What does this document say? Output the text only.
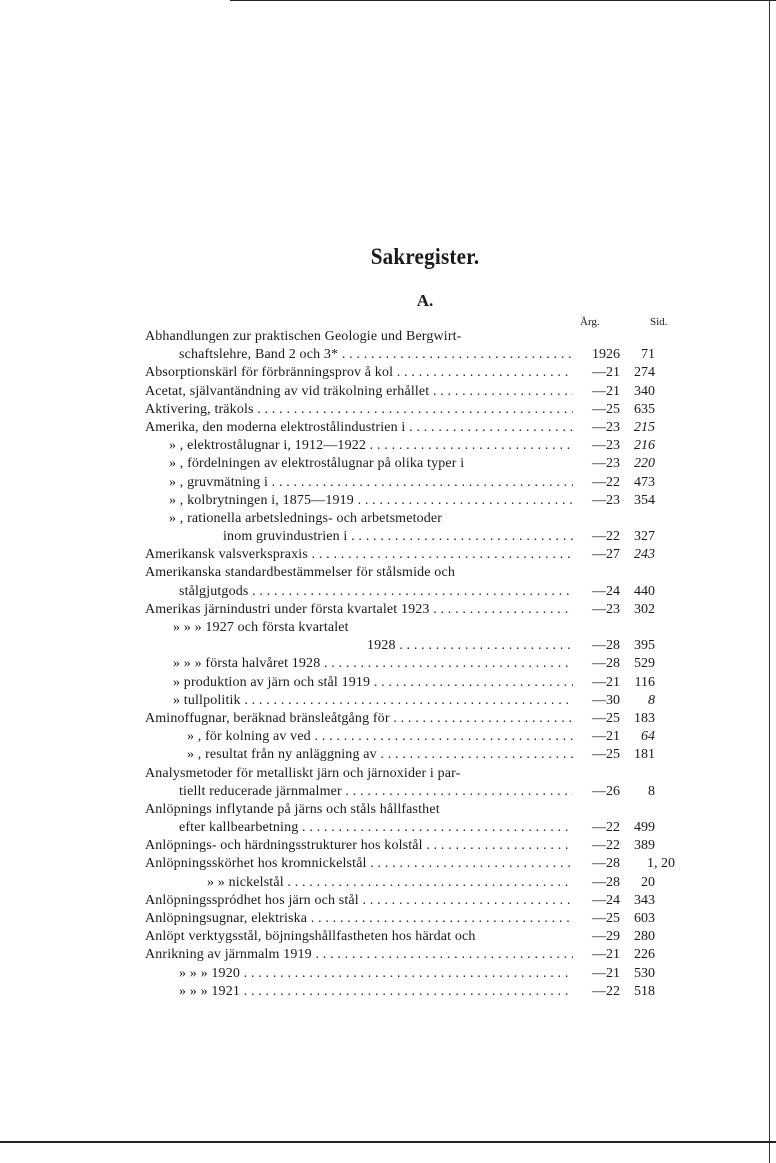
Sakregister.
A.
Årg.	Sid.
Abhandlungen zur praktischen Geologie und Bergwirt-
schaftslehre, Band 2 och 3* . . .	1926	71
Absorptionskärl för förbränningsprov å kol . . .	—21	274
Acetat, självantändning av vid träkolning erhållet . . .	—21	340
Aktivering, träkols . . .	—25	635
Amerika, den moderna elektrostålindustrien i . . .	—23	215
» , elektrostålugnar i, 1912—1922 . . .	—23	216
» , fördelningen av elektrostålugnar på olika typer i	—23	220
» , gruvmätning i . . .	—22	473
» , kolbrytningen i, 1875—1919 . . .	—23	354
» , rationella arbetslednings- och arbetsmetoder
inom gruvindustrien i . . .	—22	327
Amerikansk valsverkspraxis . . .	—27	243
Amerikanska standardbestämmelser för stålsmide och
stålgjutgods . . .	—24	440
Amerikas järnindustri under första kvartalet 1923 . . .	—23	302
» » » 1927 och första kvartalet
1928 . . .	—28	395
» » » första halvåret 1928 . . .	—28	529
» produktion av järn och stål 1919 . . .	—21	116
» tullpolitik . . .	—30	8
Aminoffugnar, beräknad bränsleåtgång för . . .	—25	183
» , för kolning av ved . . .	—21	64
» , resultat från ny anläggning av . . .	—25	181
Analysmetoder för metalliskt järn och järnoxider i par-
tiellt reducerade järnmalmer . . .	—26	8
Anlöpnings inflytande på järns och ståls hållfasthet
efter kallbearbetning . . .	—22	499
Anlöpnings- och härdningsstrukturer hos kolstål . . .	—22	389
Anlöpningsskörhet hos kromnickelstål . . .	—28 1, 20
» » nickelstål . . .	—28	20
Anlöpningsspródhet hos järn och stål . . .	—24	343
Anlöpningsugnar, elektriska . . .	—25	603
Anlöpt verktygsstål, böjningshållfastheten hos härdat och	—29	280
Anrikning av järnmalm 1919 . . .	—21	226
» » » 1920 . . .	—21	530
» » » 1921 . . .	—22	518
